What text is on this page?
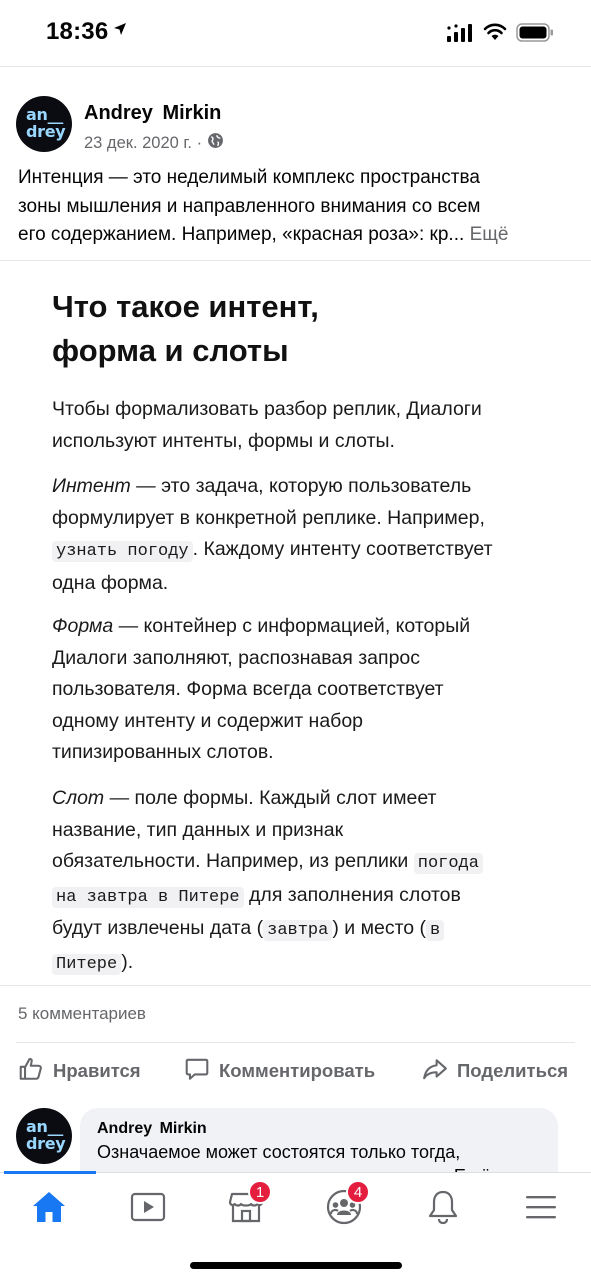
18:36
an__
drey
Andrey Mirkin
23 дек. 2020 г. ·
Интенция — это неделимый комплекс пространства
зоны мышления и направленного внимания со всем
его содержанием. Например, «красная роза»: кр... Ещё
Что такое интент,
форма и слоты
Чтобы формализовать разбор реплик, Диалоги
используют интенты, формы и слоты.
Интент — это задача, которую пользователь
формулирует в конкретной реплике. Например,
узнать погоду . Каждому интенту соответствует
одна форма.
Форма — контейнер с информацией, который
Диалоги заполняют, распознавая запрос
пользователя. Форма всегда соответствует
одному интенту и содержит набор
типизированных слотов.
Слот — поле формы. Каждый слот имеет
название, тип данных и признак
обязательности. Например, из реплики погода
на завтра в Питере для заполнения слотов
будут извлечены дата ( завтра ) и место ( в
Питере ).
5 комментариев
Нравится	Комментировать	Поделиться
an__
drey
Andrey Mirkin
Означаемое может состоятся только тогда,
1	4
